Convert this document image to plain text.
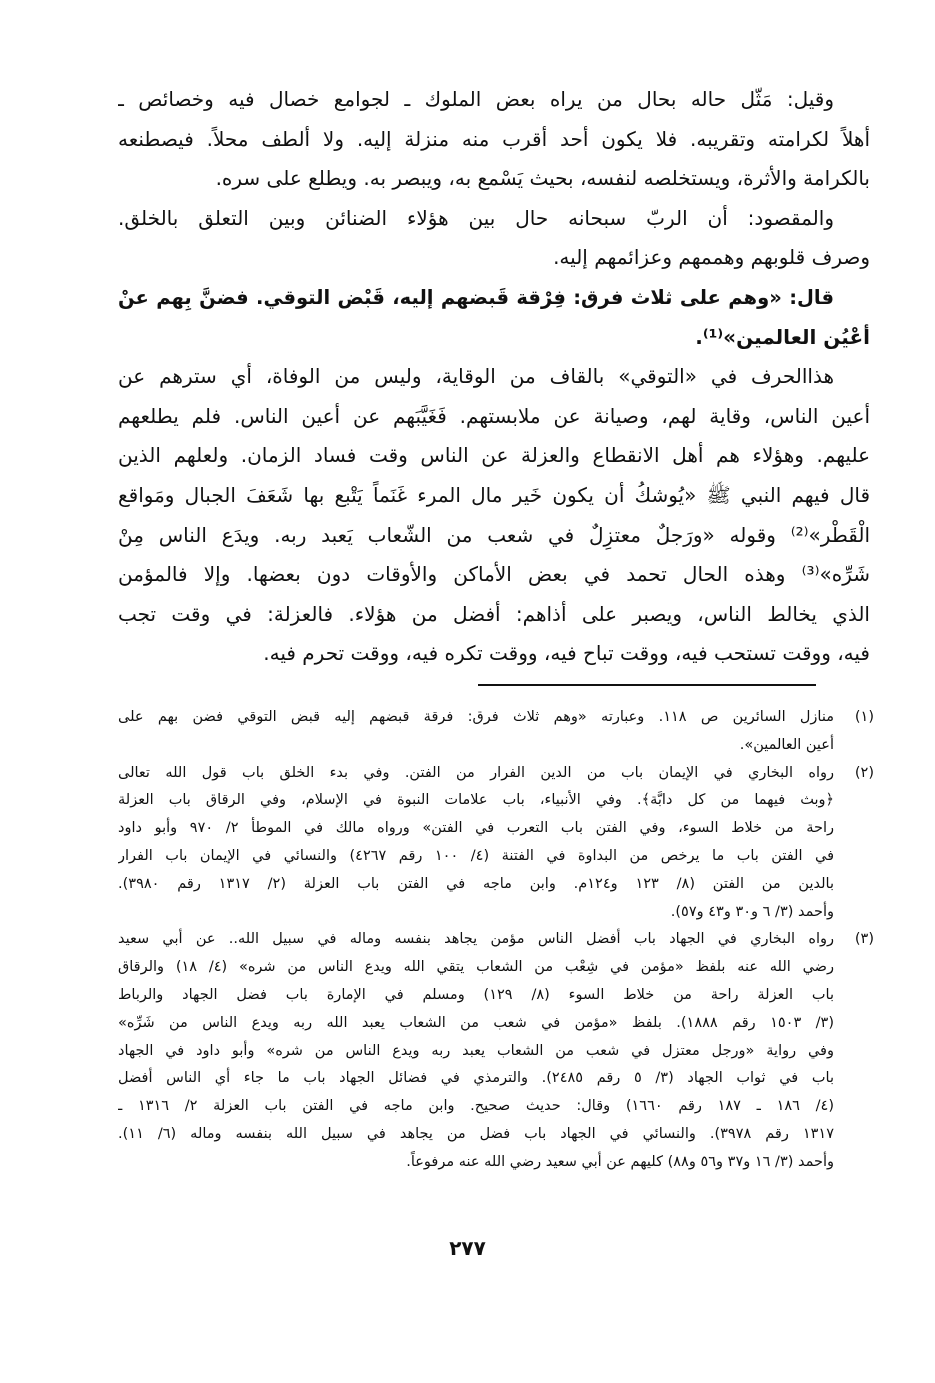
وقيل: مَثّل حاله بحال من يراه بعض الملوك ـ لجوامع خصال فيه وخصائص ـ
أهلاً لكرامته وتقريبه. فلا يكون أحد أقرب منه منزلة إليه. ولا ألطف محلاً. فيصطنعه
بالكرامة والأثرة، ويستخلصه لنفسه، بحيث يَسْمع به، ويبصر به. ويطلع على سره.
والمقصود: أن الربّ سبحانه حال بين هؤلاء الضنائن وبين التعلق بالخلق.
وصرف قلوبهم وهممهم وعزائمهم إليه.
قال: «وهم على ثلاث فرق: فِرْقة قَبضهم إليه، قَبْض التوقي. فضنَّ بِهم عنْ
أعْيُن العالمين»⁽¹⁾.
هذاالحرف في «التوقي» بالقاف من الوقاية، وليس من الوفاة، أي سترهم عن
أعين الناس، وقاية لهم، وصيانة عن ملابستهم. فَغَيَّبَهم عن أعين الناس. فلم يطلعهم
عليهم. وهؤلاء هم أهل الانقطاع والعزلة عن الناس وقت فساد الزمان. ولعلهم الذين
قال فيهم النبي ﷺ «يُوشكُ أن يكون خَير مال المرء غَنَماً يَتْبع بها شَعَفَ الجبال ومَواقع
الْقَطْر»⁽²⁾ وقوله «ورَجلٌ معتزِلٌ في شعب من الشّعاب يَعبد ربه. ويدَع الناس مِنْ
شَرِّه»⁽³⁾ وهذه الحال تحمد في بعض الأماكن والأوقات دون بعضها. وإلا فالمؤمن
الذي يخالط الناس، ويصبر على أذاهم: أفضل من هؤلاء. فالعزلة: في وقت تجب
فيه، ووقت تستحب فيه، ووقت تباح فيه، ووقت تكره فيه، ووقت تحرم فيه.
(١)
منازل السائرين ص ١١٨. وعبارته «وهم ثلاث فرق: فرقة قبضهم إليه قبض التوقي فضن بهم على
أعين العالمين».
(٢)
رواه البخاري في الإيمان باب من الدين الفرار من الفتن. وفي بدء الخلق باب قول الله تعالى
﴿وبث فيهما من كل دابَّة﴾. وفي الأنبياء، باب علامات النبوة في الإسلام، وفي الرقاق باب العزلة
راحة من خلاط السوء، وفي الفتن باب التعرب في الفتن» ورواه مالك في الموطأ ٢/ ٩٧٠ وأبو داود
في الفتن باب ما يرخص من البداوة في الفتنة (٤/ ١٠٠ رقم ٤٢٦٧) والنسائي في الإيمان باب الفرار
بالدين من الفتن (٨/ ١٢٣ و١٢٤م. وابن ماجه في الفتن باب العزلة (٢/ ١٣١٧ رقم ٣٩٨٠).
وأحمد (٣/ ٦ و٣٠ و٤٣ و٥٧).
(٣)
رواه البخاري في الجهاد باب أفضل الناس مؤمن يجاهد بنفسه وماله في سبيل الله.. عن أبي سعيد
رضي الله عنه بلفظ «مؤمن في شِعْب من الشعاب يتقي الله ويدع الناس من شره» (٤/ ١٨) والرقاق
باب العزلة راحة من خلاط السوء (٨/ ١٢٩) ومسلم في الإمارة باب فضل الجهاد والرباط
(٣/ ١٥٠٣ رقم ١٨٨٨). بلفظ «مؤمن في شعب من الشعاب يعبد الله ربه ويدع الناس من شَرِّه»
وفي رواية «ورجل معتزل في شعب من الشعاب يعبد ربه ويدع الناس من شره» وأبو داود في الجهاد
باب في ثواب الجهاد (٣/ ٥ رقم ٢٤٨٥). والترمذي في فضائل الجهاد باب ما جاء أي الناس أفضل
(٤/ ١٨٦ ـ ١٨٧ رقم ١٦٦٠) وقال: حديث صحيح. وابن ماجه في الفتن باب العزلة ٢/ ١٣١٦ ـ
١٣١٧ رقم ٣٩٧٨). والنسائي في الجهاد باب فضل من يجاهد في سبيل الله بنفسه وماله (٦/ ١١).
وأحمد (٣/ ١٦ و٣٧ و٥٦ و٨٨) كليهم عن أبي سعيد رضي الله عنه مرفوعاً.
٢٧٧
